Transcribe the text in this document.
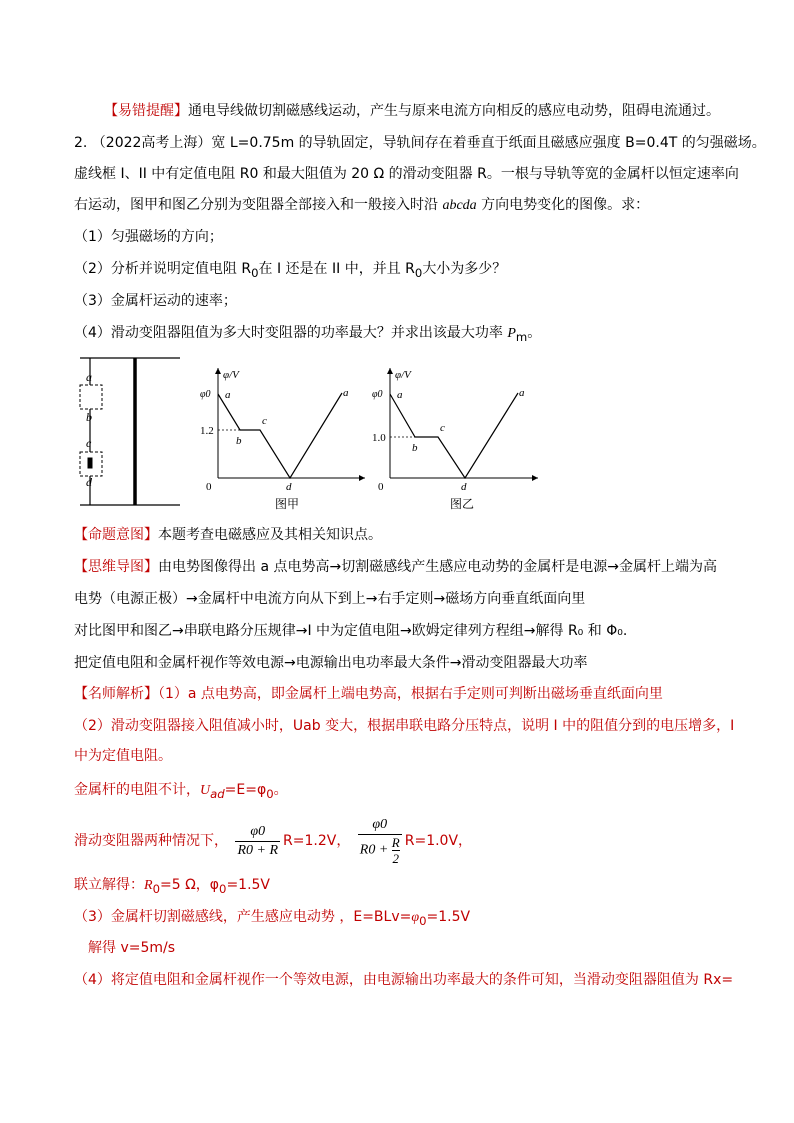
【易错提醒】通电导线做切割磁感线运动，产生与原来电流方向相反的感应电动势，阻碍电流通过。
2. （2022高考上海）宽 L=0.75m 的导轨固定，导轨间存在着垂直于纸面且磁感应强度 B=0.4T 的匀强磁场。
虚线框 I、II 中有定值电阻 R0 和最大阻值为 20 Ω 的滑动变阻器 R。一根与导轨等宽的金属杆以恒定速率向
右运动，图甲和图乙分别为变阻器全部接入和一般接入时沿 abcda 方向电势变化的图像。求：
（1）匀强磁场的方向；
（2）分析并说明定值电阻 $R_0$在 I 还是在 II 中，并且 $R_0$大小为多少？
（3）金属杆运动的速率；
（4）滑动变阻器阻值为多大时变阻器的功率最大？并求出该最大功率 $P_m$。
a
b
c
d
φ/V
φ0
1.2
0
a
b
c
d
a
图甲
φ/V
φ0
1.0
0
a
b
c
d
a
图乙
【命题意图】本题考查电磁感应及其相关知识点。
【思维导图】由电势图像得出 a 点电势高→切割磁感线产生感应电动势的金属杆是电源→金属杆上端为高
电势（电源正极）→金属杆中电流方向从下到上→右手定则→磁场方向垂直纸面向里
对比图甲和图乙→串联电路分压规律→I 中为定值电阻→欧姆定律列方程组→解得 R₀ 和 Φ₀.
把定值电阻和金属杆视作等效电源→电源输出电功率最大条件→滑动变阻器最大功率
【名师解析】（1）a 点电势高，即金属杆上端电势高，根据右手定则可判断出磁场垂直纸面向里
（2）滑动变阻器接入阻值减小时，Uab 变大，根据串联电路分压特点，说明 I 中的阻值分到的电压增多，I
中为定值电阻。
金属杆的电阻不计，$U_{ad}=E=\varphi_0$。
滑动变阻器两种情况下， $\frac{\varphi 0}{R0 + R} R=1.2V$， $\frac{\varphi 0}{R0 + \frac{R}{2}} R=1.0V$，
联立解得：$R_0=5$ Ω，$\varphi_0=1.5V$
（3）金属杆切割磁感线，产生感应电动势 ，$E=BLv=\varphi_0=1.5V$
解得 v=5m/s
（4）将定值电阻和金属杆视作一个等效电源，由电源输出功率最大的条件可知，当滑动变阻器阻值为 Rx=
